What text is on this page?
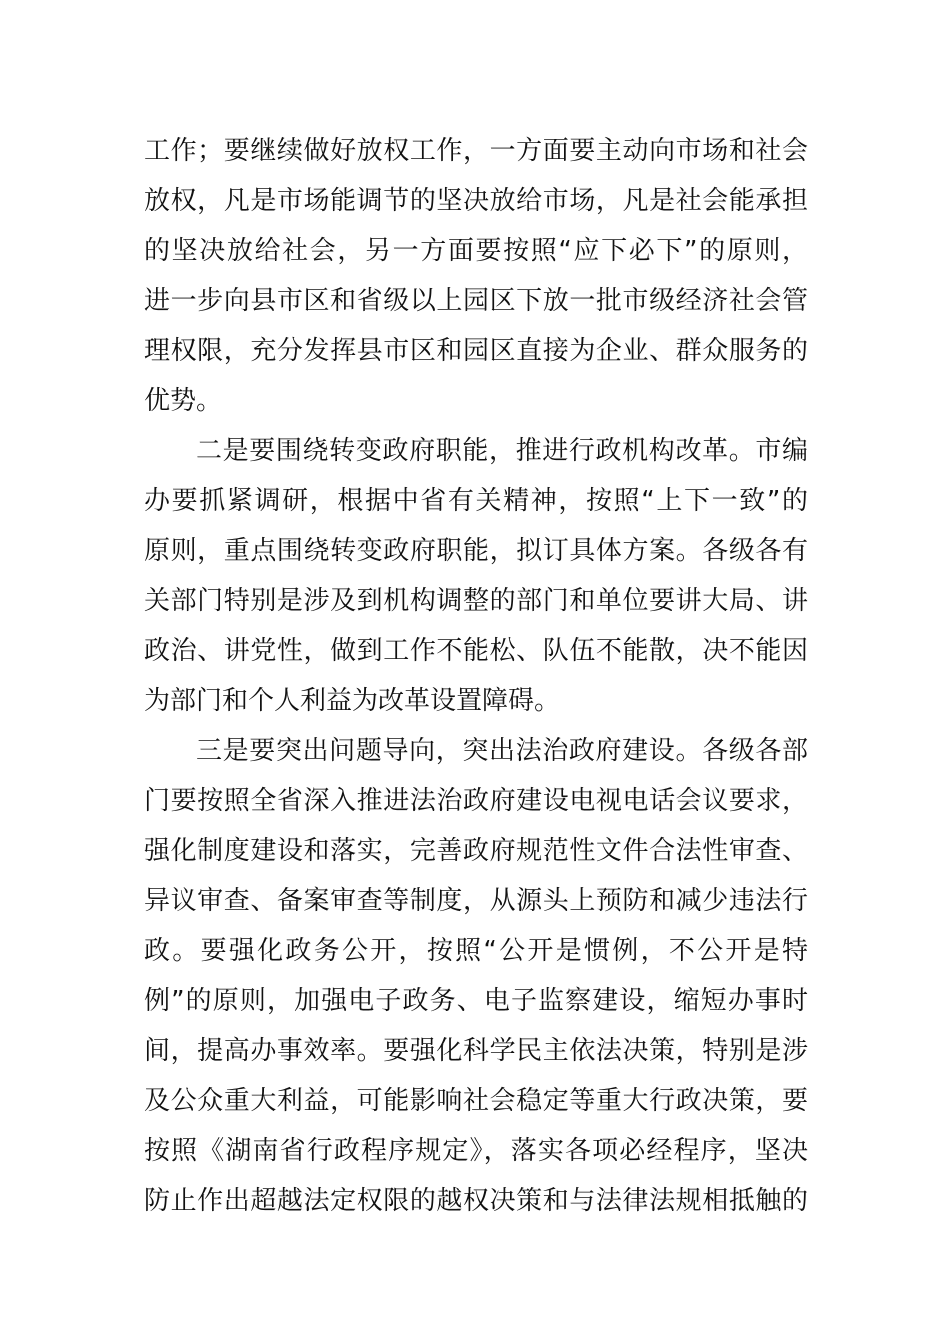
工作；要继续做好放权工作，一方面要主动向市场和社会
放权，凡是市场能调节的坚决放给市场，凡是社会能承担
的坚决放给社会，另一方面要按照“应下必下”的原则，
进一步向县市区和省级以上园区下放一批市级经济社会管
理权限，充分发挥县市区和园区直接为企业、群众服务的
优势。
二是要围绕转变政府职能，推进行政机构改革。市编
办要抓紧调研，根据中省有关精神，按照“上下一致”的
原则，重点围绕转变政府职能，拟订具体方案。各级各有
关部门特别是涉及到机构调整的部门和单位要讲大局、讲
政治、讲党性，做到工作不能松、队伍不能散，决不能因
为部门和个人利益为改革设置障碍。
三是要突出问题导向，突出法治政府建设。各级各部
门要按照全省深入推进法治政府建设电视电话会议要求，
强化制度建设和落实，完善政府规范性文件合法性审查、
异议审查、备案审查等制度，从源头上预防和减少违法行
政。要强化政务公开，按照“公开是惯例，不公开是特
例”的原则，加强电子政务、电子监察建设，缩短办事时
间，提高办事效率。要强化科学民主依法决策，特别是涉
及公众重大利益，可能影响社会稳定等重大行政决策，要
按照《湖南省行政程序规定》，落实各项必经程序，坚决
防止作出超越法定权限的越权决策和与法律法规相抵触的
